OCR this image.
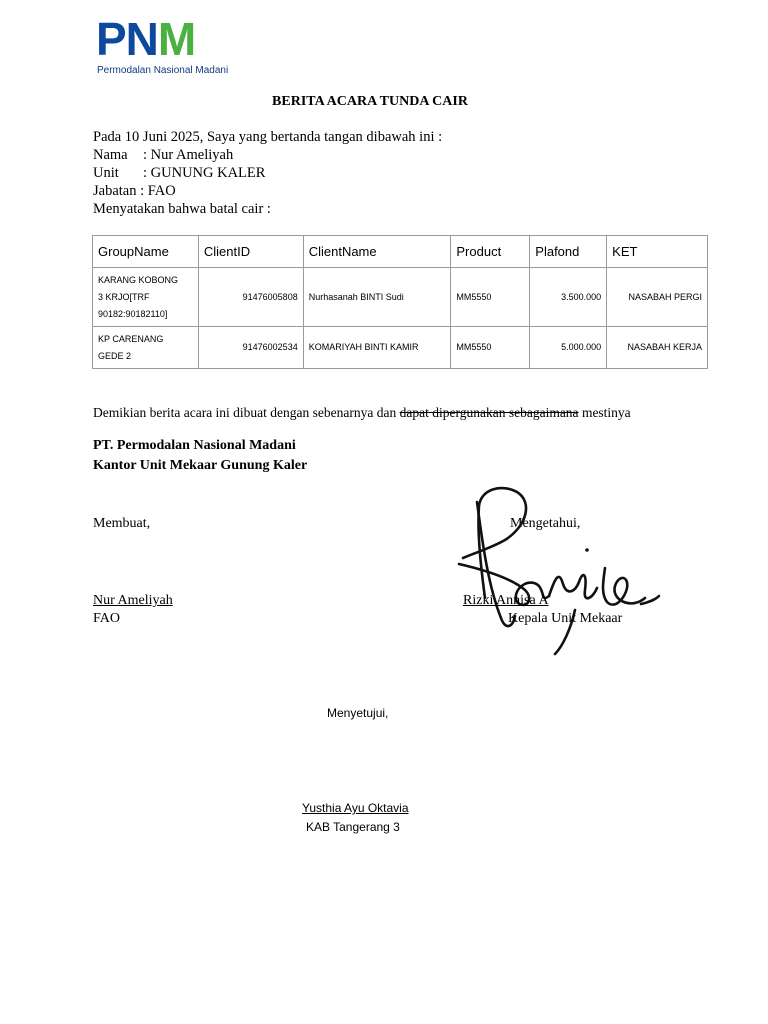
PNM
Permodalan Nasional Madani
BERITA ACARA TUNDA CAIR
Pada 10 Juni 2025, Saya yang bertanda tangan dibawah ini :
Nama : Nur Ameliyah
Unit : GUNUNG KALER
Jabatan : FAO
Menyatakan bahwa batal cair :
GroupName	ClientID	ClientName	Product	Plafond	KET

KARANG KOBONG
3 KRJO[TRF
90182:90182110]	91476005808	Nurhasanah BINTI Sudi	MM5550	3.500.000	NASABAH PERGI

KP CARENANG
GEDE 2	91476002534	KOMARIYAH BINTI KAMIR	MM5550	5.000.000	NASABAH KERJA
Demikian berita acara ini dibuat dengan sebenarnya dan dapat dipergunakan sebagaimana mestinya
PT. Permodalan Nasional Madani
Kantor Unit Mekaar Gunung Kaler
Membuat,	Mengetahui,
Nur Ameliyah
FAO
Rizki Annisa A
Kepala Unit Mekaar
Menyetujui,
Yusthia Ayu Oktavia
KAB Tangerang 3
